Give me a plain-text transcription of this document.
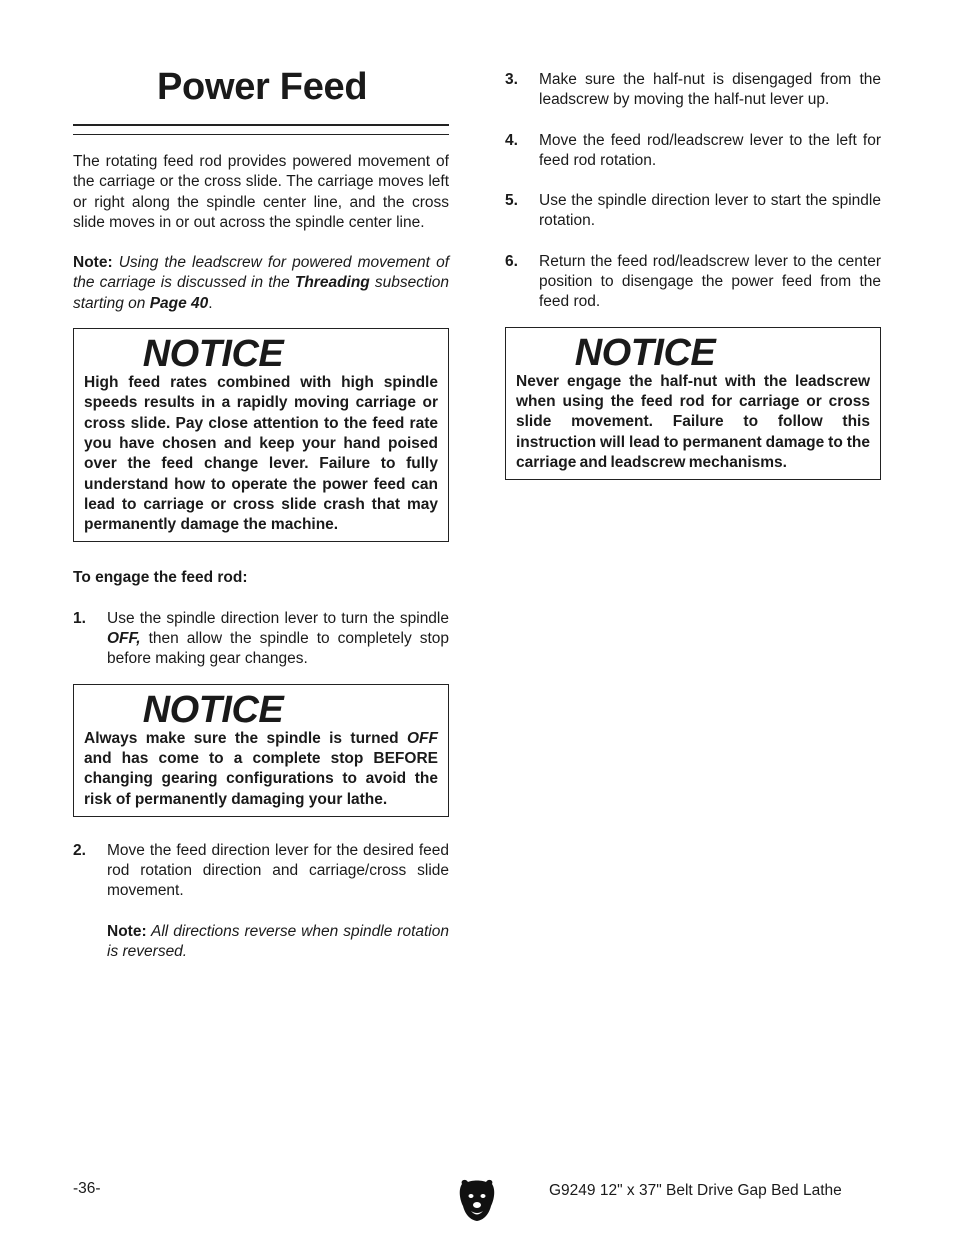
Power Feed

The rotating feed rod provides powered movement of the carriage or the cross slide. The carriage moves left or right along the spindle center line, and the cross slide moves in or out across the spindle center line.

Note: Using the leadscrew for powered movement of the carriage is discussed in the Threading subsection starting on Page 40.

NOTICE
High feed rates combined with high spindle speeds results in a rapidly moving carriage or cross slide. Pay close attention to the feed rate you have chosen and keep your hand poised over the feed change lever. Failure to fully understand how to operate the power feed can lead to carriage or cross slide crash that may permanently damage the machine.
To engage the feed rod:
1.	Use the spindle direction lever to turn the spindle OFF, then allow the spindle to completely stop before making gear changes.
NOTICE
Always make sure the spindle is turned OFF and has come to a complete stop BEFORE changing gearing configurations to avoid the risk of permanently damaging your lathe.
2.	Move the feed direction lever for the desired feed rod rotation direction and carriage/cross slide movement.
Note: All directions reverse when spindle rotation is reversed.
3.	Make sure the half-nut is disengaged from the leadscrew by moving the half-nut lever up.
4.	Move the feed rod/leadscrew lever to the left for feed rod rotation.
5.	Use the spindle direction lever to start the spindle rotation.
6.	Return the feed rod/leadscrew lever to the center position to disengage the power feed from the feed rod.
NOTICE
Never engage the half-nut with the leadscrew when using the feed rod for carriage or cross slide movement. Failure to follow this instruction will lead to permanent damage to the carriage and leadscrew mechanisms.
-36-	G9249 12" x 37" Belt Drive Gap Bed Lathe
